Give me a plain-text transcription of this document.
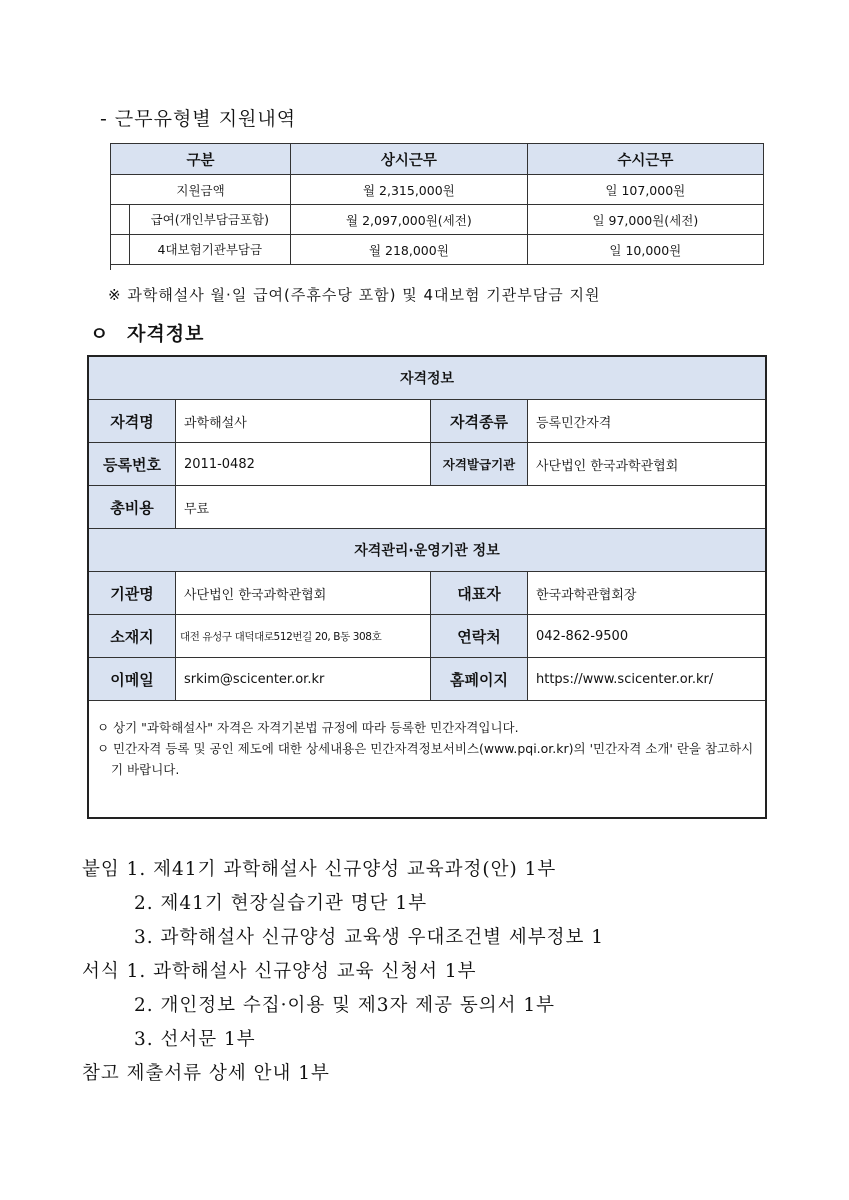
- 근무유형별 지원내역
구분	상시근무	수시근무
지원금액	월 2,315,000원	일 107,000원

급여(개인부담금포함)	월 2,097,000원(세전)	일 97,000원(세전)

4대보험기관부담금	월 218,000원	일 10,000원
※ 과학해설사 월·일 급여(주휴수당 포함) 및 4대보험 기관부담금 지원
ㅇ 자격정보
자격정보			
자격명	과학해설사	자격종류	등록민간자격
등록번호	2011-0482	자격발급기관	사단법인 한국과학관협회
총비용	무료		
자격관리·운영기관 정보			
기관명	사단법인 한국과학관협회	대표자	한국과학관협회장
소재지	대전 유성구 대덕대로512번길 20, B동 308호	연락처	042-862-9500
이메일	srkim@scicenter.or.kr	홈페이지	https://www.scicenter.or.kr/

ㅇ 상기 "과학해설사" 자격은 자격기본법 규정에 따라 등록한 민간자격입니다.
ㅇ 민간자격 등록 및 공인 제도에 대한 상세내용은 민간자격정보서비스(www.pqi.or.kr)의 '민간자격 소개' 란을 참고하시기 바랍니다.			
붙임 1. 제41기 과학해설사 신규양성 교육과정(안) 1부
2. 제41기 현장실습기관 명단 1부
3. 과학해설사 신규양성 교육생 우대조건별 세부정보 1
서식 1. 과학해설사 신규양성 교육 신청서 1부
2. 개인정보 수집·이용 및 제3자 제공 동의서 1부
3. 선서문 1부
참고 제출서류 상세 안내 1부
